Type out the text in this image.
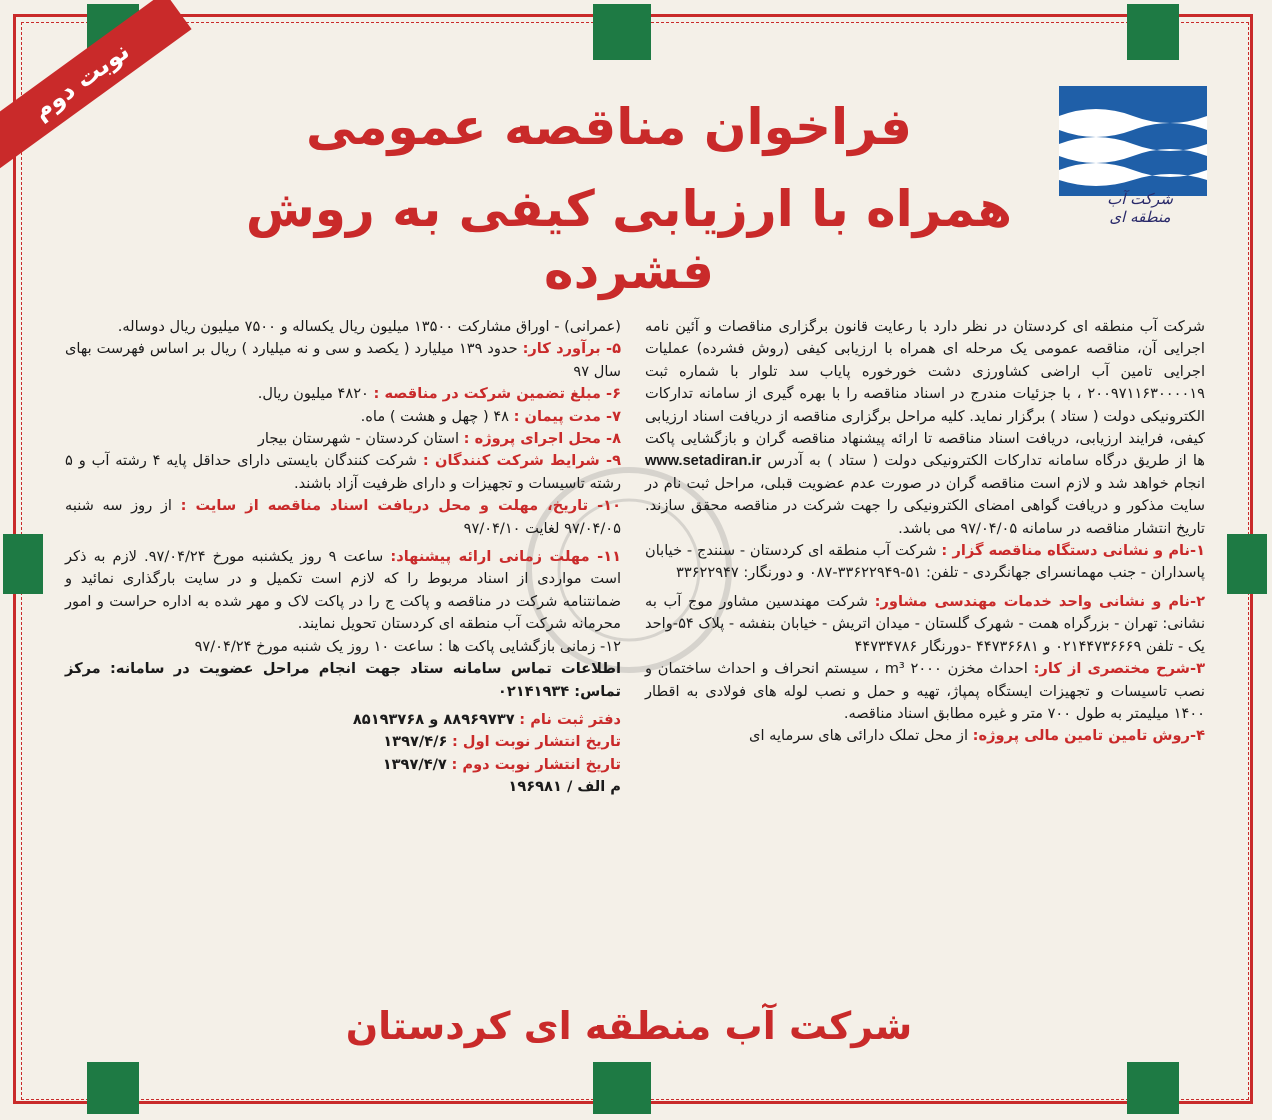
نوبت دوم
شرکت آب منطقه ای
فراخوان مناقصه عمومی
همراه با ارزیابی کیفی به روش فشرده

شرکت آب منطقه ای کردستان در نظر دارد با رعایت قانون برگزاری مناقصات و آئین نامه اجرایی آن، مناقصه عمومی یک مرحله ای همراه با ارزیابی کیفی (روش فشرده) عملیات اجرایی تامین آب اراضی کشاورزی دشت خورخوره پایاب سد تلوار با شماره ثبت ۲۰۰۹۷۱۱۶۳۰۰۰۰۱۹ ، با جزئیات مندرج در اسناد مناقصه را با بهره گیری از سامانه تدارکات الکترونیکی دولت ( ستاد ) برگزار نماید. کلیه مراحل برگزاری مناقصه از دریافت اسناد ارزیابی کیفی، فرایند ارزیابی، دریافت اسناد مناقصه تا ارائه پیشنهاد مناقصه گران و بازگشایی پاکت ها از طریق درگاه سامانه تدارکات الکترونیکی دولت ( ستاد ) به آدرس www.setadiran.ir انجام خواهد شد و لازم است مناقصه گران در صورت عدم عضویت قبلی، مراحل ثبت نام در سایت مذکور و دریافت گواهی امضای الکترونیکی را جهت شرکت در مناقصه محقق سازند. تاریخ انتشار مناقصه در سامانه ۹۷/۰۴/۰۵ می باشد.

۱-نام و نشانی دستگاه مناقصه گزار : شرکت آب منطقه ای کردستان - سنندج - خیابان پاسداران - جنب مهمانسرای جهانگردی - تلفن: ۵۱-۳۳۶۲۲۹۴۹-۰۸۷ و دورنگار: ۳۳۶۲۲۹۴۷

۲-نام و نشانی واحد خدمات مهندسی مشاور: شرکت مهندسین مشاور موج آب به نشانی: تهران - بزرگراه همت - شهرک گلستان - میدان اتریش - خیابان بنفشه - پلاک ۵۴-واحد یک - تلفن ۰۲۱۴۴۷۳۶۶۶۹ و ۴۴۷۳۶۶۸۱ -دورنگار ۴۴۷۳۴۷۸۶

۳-شرح مختصری از کار: احداث مخزن ۲۰۰۰ m³ ، سیستم انحراف و احداث ساختمان و نصب تاسیسات و تجهیزات ایستگاه پمپاژ، تهیه و حمل و نصب لوله های فولادی به اقطار ۱۴۰۰ میلیمتر به طول ۷۰۰ متر و غیره مطابق اسناد مناقصه.

۴-روش تامین تامین مالی پروژه: از محل تملک دارائی های سرمایه ای

(عمرانی) - اوراق مشارکت ۱۳۵۰۰ میلیون ریال یکساله و ۷۵۰۰ میلیون ریال دوساله.

۵- برآورد کار: حدود ۱۳۹ میلیارد ( یکصد و سی و نه میلیارد ) ریال بر اساس فهرست بهای سال ۹۷

۶- مبلغ تضمین شرکت در مناقصه : ۴۸۲۰ میلیون ریال.

۷- مدت پیمان : ۴۸ ( چهل و هشت ) ماه.

۸- محل اجرای پروژه : استان کردستان - شهرستان بیجار

۹- شرایط شرکت کنندگان : شرکت کنندگان بایستی دارای حداقل پایه ۴ رشته آب و ۵ رشته تاسیسات و تجهیزات و دارای ظرفیت آزاد باشند.

۱۰- تاریخ، مهلت و محل دریافت اسناد مناقصه از سایت : از روز سه شنبه ۹۷/۰۴/۰۵ لغایت ۹۷/۰۴/۱۰

۱۱- مهلت زمانی ارائه پیشنهاد: ساعت ۹ روز یکشنبه مورخ ۹۷/۰۴/۲۴. لازم به ذکر است مواردی از اسناد مربوط را که لازم است تکمیل و در سایت بارگذاری نمائید و ضمانتنامه شرکت در مناقصه و پاکت ج را در پاکت لاک و مهر شده به اداره حراست و امور محرمانه شرکت آب منطقه ای کردستان تحویل نمایند.

۱۲- زمانی بازگشایی پاکت ها : ساعت ۱۰ روز یک شنبه مورخ ۹۷/۰۴/۲۴

اطلاعات تماس سامانه ستاد جهت انجام مراحل عضویت در سامانه: مرکز تماس: ۰۲۱۴۱۹۳۴

دفتر ثبت نام : ۸۸۹۶۹۷۳۷ و ۸۵۱۹۳۷۶۸

تاریخ انتشار نوبت اول : ۱۳۹۷/۴/۶

تاریخ انتشار نوبت دوم : ۱۳۹۷/۴/۷

م الف / ۱۹۶۹۸۱

شرکت آب منطقه ای کردستان
